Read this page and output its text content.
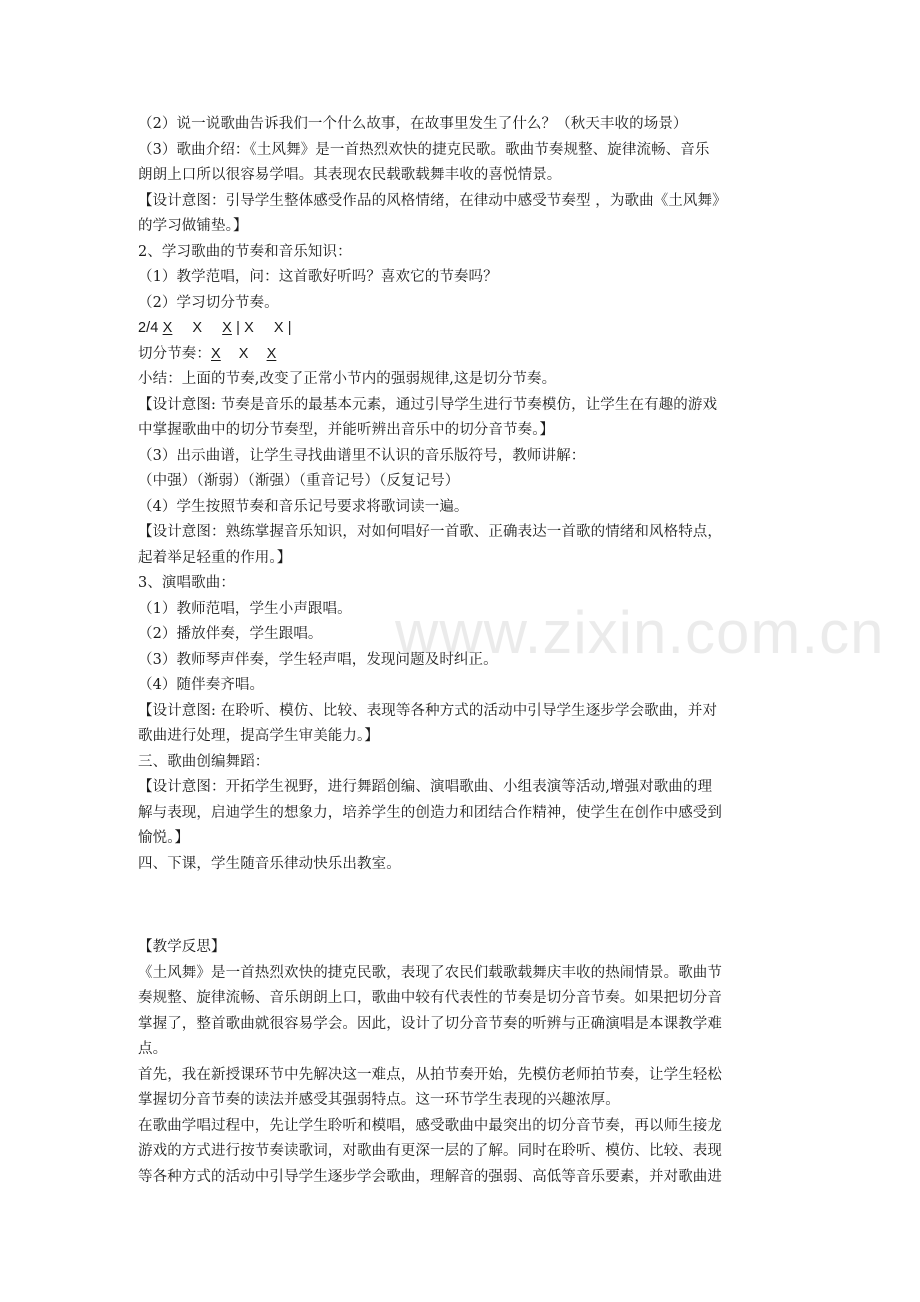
www.zixin.com.cn
（2）说一说歌曲告诉我们一个什么故事，在故事里发生了什么？（秋天丰收的场景）
（3）歌曲介绍：《土风舞》是一首热烈欢快的捷克民歌。歌曲节奏规整、旋律流畅、音乐
朗朗上口所以很容易学唱。其表现农民载歌载舞丰收的喜悦情景。
【设计意图：引导学生整体感受作品的风格情绪，在律动中感受节奏型 ，为歌曲《土风舞》
的学习做铺垫。】
2、学习歌曲的节奏和音乐知识：
（1）教学范唱，问：这首歌好听吗？喜欢它的节奏吗？
（2）学习切分节奏。
2/4 X X X | X X |
切分节奏：X X X
小结：上面的节奏,改变了正常小节内的强弱规律,这是切分节奏。
【设计意图: 节奏是音乐的最基本元素，通过引导学生进行节奏模仿，让学生在有趣的游戏
中掌握歌曲中的切分节奏型，并能听辨出音乐中的切分音节奏。】
（3）出示曲谱，让学生寻找曲谱里不认识的音乐版符号，教师讲解：
（中强）（渐弱）（渐强）（重音记号）（反复记号）
（4）学生按照节奏和音乐记号要求将歌词读一遍。
【设计意图：熟练掌握音乐知识，对如何唱好一首歌、正确表达一首歌的情绪和风格特点，
起着举足轻重的作用。】
3、演唱歌曲：
（1）教师范唱，学生小声跟唱。
（2）播放伴奏，学生跟唱。
（3）教师琴声伴奏，学生轻声唱，发现问题及时纠正。
（4）随伴奏齐唱。
【设计意图: 在聆听、模仿、比较、表现等各种方式的活动中引导学生逐步学会歌曲，并对
歌曲进行处理，提高学生审美能力。】
三、歌曲创编舞蹈：
【设计意图：开拓学生视野，进行舞蹈创编、演唱歌曲、小组表演等活动,增强对歌曲的理
解与表现，启迪学生的想象力，培养学生的创造力和团结合作精神，使学生在创作中感受到
愉悦。】
四、下课，学生随音乐律动快乐出教室。
【教学反思】
《土风舞》是一首热烈欢快的捷克民歌，表现了农民们载歌载舞庆丰收的热闹情景。歌曲节
奏规整、旋律流畅、音乐朗朗上口，歌曲中较有代表性的节奏是切分音节奏。如果把切分音
掌握了，整首歌曲就很容易学会。因此，设计了切分音节奏的听辨与正确演唱是本课教学难
点。
首先，我在新授课环节中先解决这一难点，从拍节奏开始，先模仿老师拍节奏，让学生轻松
掌握切分音节奏的读法并感受其强弱特点。这一环节学生表现的兴趣浓厚。
在歌曲学唱过程中，先让学生聆听和模唱，感受歌曲中最突出的切分音节奏，再以师生接龙
游戏的方式进行按节奏读歌词，对歌曲有更深一层的了解。同时在聆听、模仿、比较、表现
等各种方式的活动中引导学生逐步学会歌曲，理解音的强弱、高低等音乐要素，并对歌曲进
